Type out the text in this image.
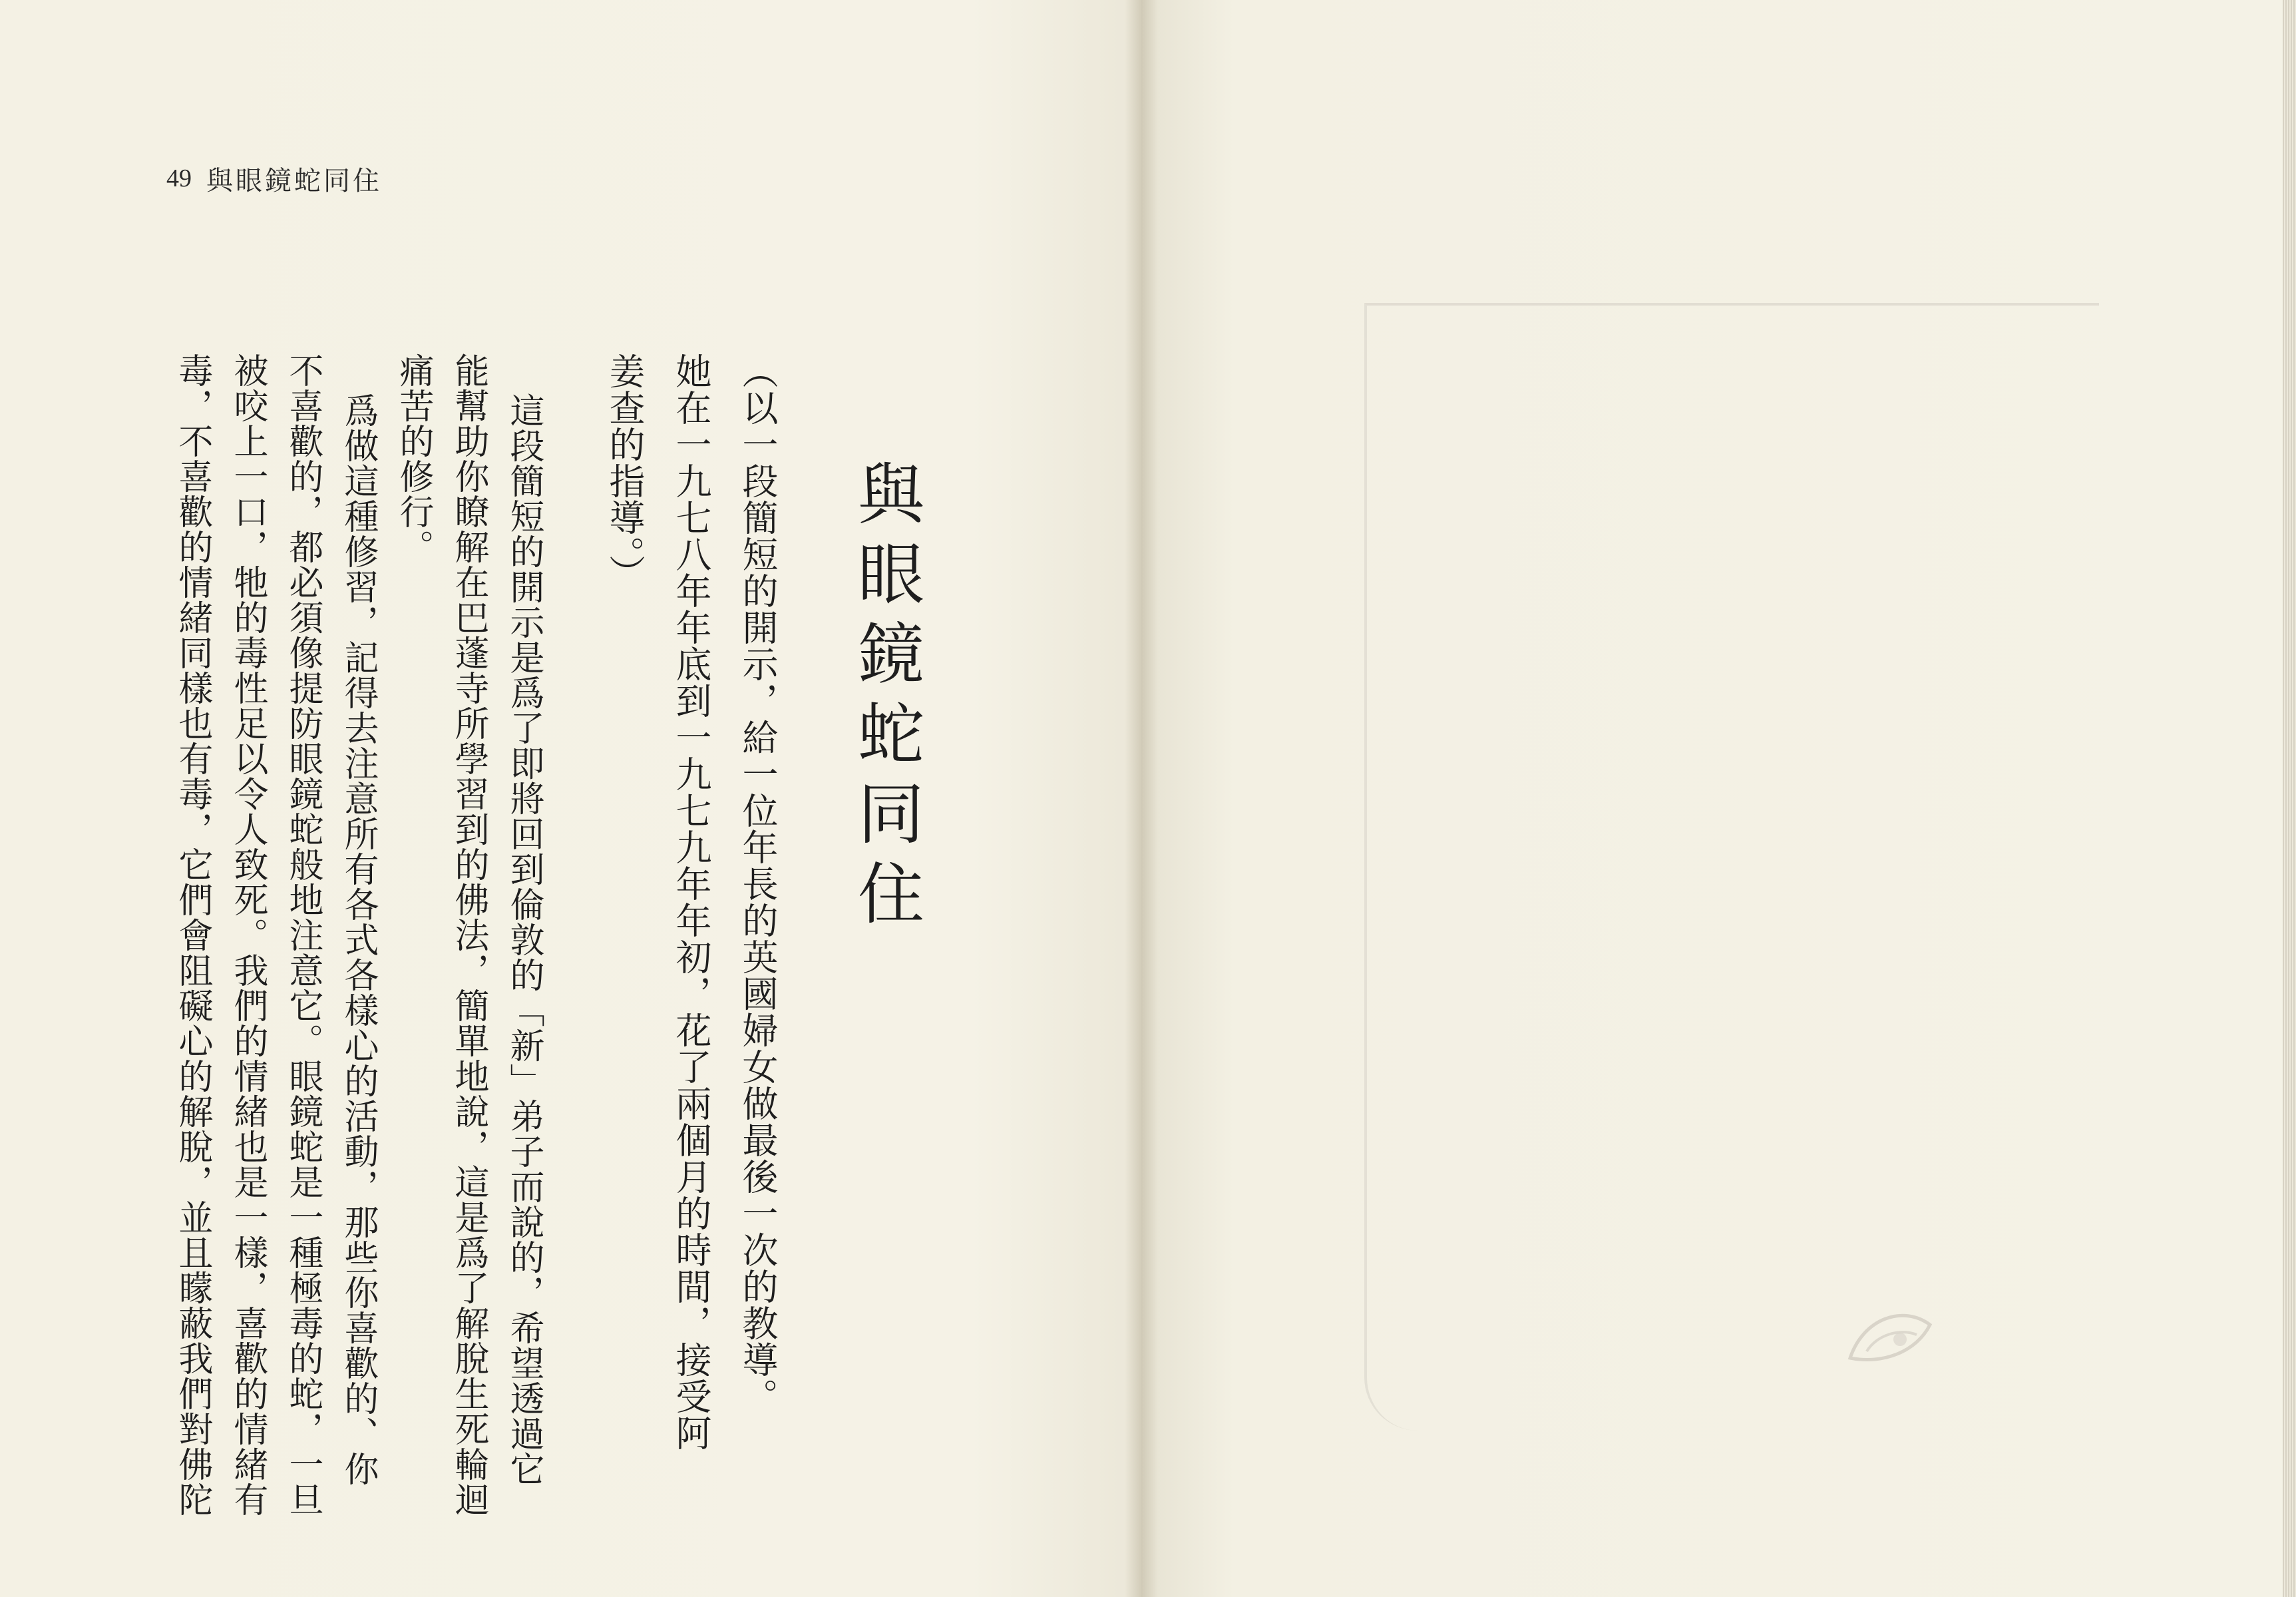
49 與眼鏡蛇同住
與眼鏡蛇同住

（以一段簡短的開示，給一位年長的英國婦女做最後一次的教導。

她在一九七八年年底到一九七九年年初，花了兩個月的時間，接受阿

姜查的指導。）

這段簡短的開示是爲了即將回到倫敦的「新」弟子而說的，希望透過它

能幫助你瞭解在巴蓬寺所學習到的佛法，簡單地說，這是爲了解脫生死輪迴

痛苦的修行。

爲做這種修習，記得去注意所有各式各樣心的活動，那些你喜歡的、你

不喜歡的，都必須像提防眼鏡蛇般地注意它。眼鏡蛇是一種極毒的蛇，一旦

被咬上一口，牠的毒性足以令人致死。我們的情緒也是一樣，喜歡的情緒有

毒，不喜歡的情緒同樣也有毒，它們會阻礙心的解脫，並且矇蔽我們對佛陀
